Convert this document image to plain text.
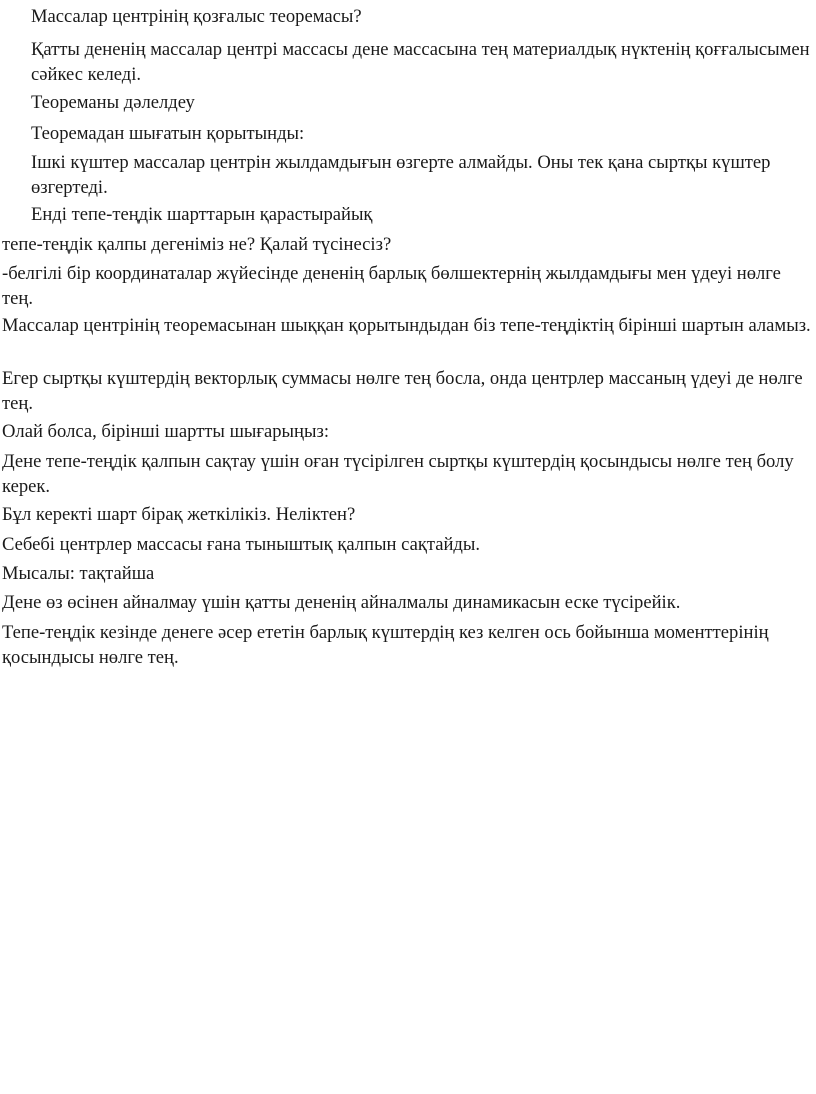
Массалар центрінің қозғалыс теоремасы?

Қатты дененің массалар центрі массасы дене массасына тең материалдық нүктенің қоғғалысымен сәйкес келеді.

Теореманы дәлелдеу

Теоремадан шығатын қорытынды:

Ішкі күштер массалар центрін жылдамдығын өзгерте алмайды. Оны тек қана сыртқы күштер өзгертеді.

Енді тепе-теңдік шарттарын қарастырайық

тепе-теңдік қалпы дегеніміз не? Қалай түсінесіз?

-белгілі бір координаталар жүйесінде дененің барлық бөлшектернің жылдамдығы мен үдеуі нөлге тең.

Массалар центрінің теоремасынан шыққан қорытындыдан біз тепе-теңдіктің бірінші шартын аламыз.

Егер сыртқы күштердің векторлық суммасы нөлге тең босла, онда центрлер массаның үдеуі де нөлге тең.

Олай болса, бірінші шартты шығарыңыз:

Дене тепе-теңдік қалпын сақтау үшін оған түсірілген сыртқы күштердің қосындысы нөлге тең болу керек.

Бұл керекті шарт бірақ жеткілікіз. Неліктен?

Себебі центрлер массасы ғана тыныштық қалпын сақтайды.

Мысалы: тақтайша

Дене өз өсінен айналмау үшін қатты дененің айналмалы динамикасын еске түсірейік.

Тепе-теңдік кезінде денеге әсер ететін барлық күштердің кез келген ось бойынша моменттерінің қосындысы нөлге тең.
